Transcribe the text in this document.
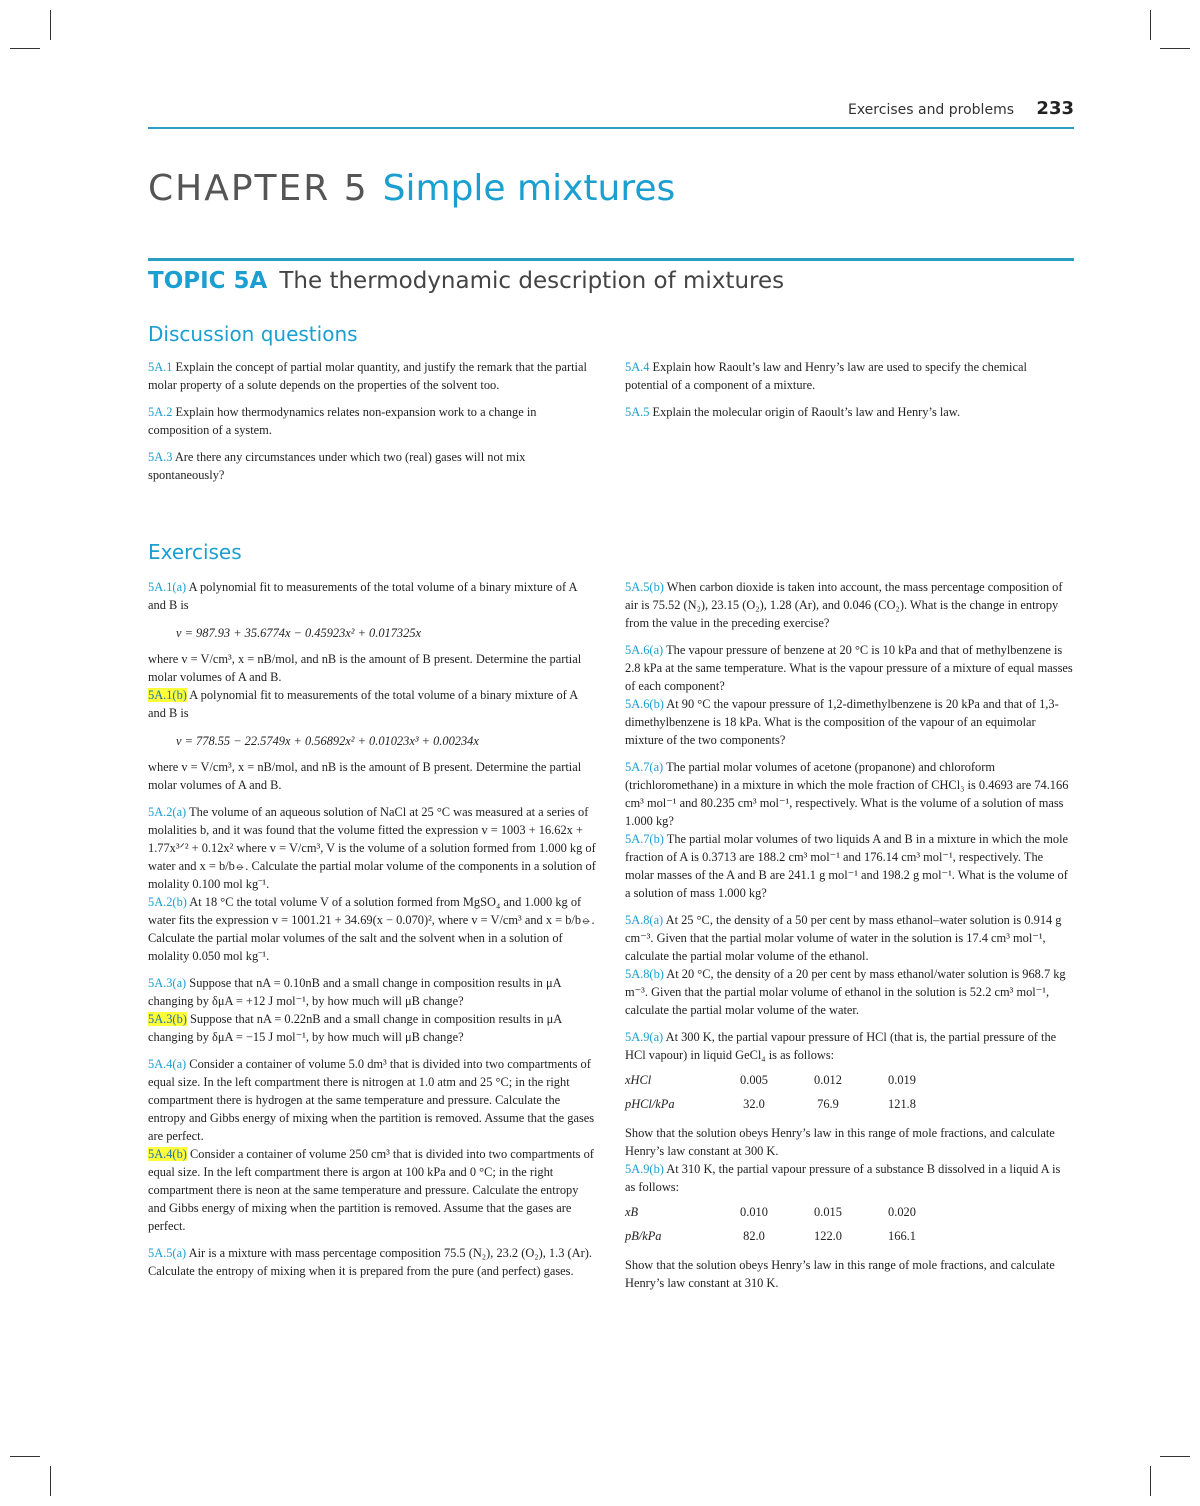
Exercises and problems 233
CHAPTER 5 Simple mixtures
TOPIC 5A The thermodynamic description of mixtures
Discussion questions

5A.1 Explain the concept of partial molar quantity, and justify the remark that the partial molar property of a solute depends on the properties of the solvent too.

5A.2 Explain how thermodynamics relates non-expansion work to a change in composition of a system.

5A.3 Are there any circumstances under which two (real) gases will not mix spontaneously?

5A.4 Explain how Raoult’s law and Henry’s law are used to specify the chemical potential of a component of a mixture.

5A.5 Explain the molecular origin of Raoult’s law and Henry’s law.

Exercises

5A.1(a) A polynomial fit to measurements of the total volume of a binary mixture of A and B is

v = 987.93 + 35.6774x − 0.45923x² + 0.017325x

where v = V/cm³, x = nB/mol, and nB is the amount of B present. Determine the partial molar volumes of A and B.

5A.1(b) A polynomial fit to measurements of the total volume of a binary mixture of A and B is

v = 778.55 − 22.5749x + 0.56892x² + 0.01023x³ + 0.00234x

where v = V/cm³, x = nB/mol, and nB is the amount of B present. Determine the partial molar volumes of A and B.

5A.2(a) The volume of an aqueous solution of NaCl at 25 °C was measured at a series of molalities b, and it was found that the volume fitted the expression v = 1003 + 16.62x + 1.77x³ᐟ² + 0.12x² where v = V/cm³, V is the volume of a solution formed from 1.000 kg of water and x = b/b⦵. Calculate the partial molar volume of the components in a solution of molality 0.100 mol kg⁻¹.

5A.2(b) At 18 °C the total volume V of a solution formed from MgSO₄ and 1.000 kg of water fits the expression v = 1001.21 + 34.69(x − 0.070)², where v = V/cm³ and x = b/b⦵. Calculate the partial molar volumes of the salt and the solvent when in a solution of molality 0.050 mol kg⁻¹.

5A.3(a) Suppose that nA = 0.10nB and a small change in composition results in μA changing by δμA = +12 J mol⁻¹, by how much will μB change?

5A.3(b) Suppose that nA = 0.22nB and a small change in composition results in μA changing by δμA = −15 J mol⁻¹, by how much will μB change?

5A.4(a) Consider a container of volume 5.0 dm³ that is divided into two compartments of equal size. In the left compartment there is nitrogen at 1.0 atm and 25 °C; in the right compartment there is hydrogen at the same temperature and pressure. Calculate the entropy and Gibbs energy of mixing when the partition is removed. Assume that the gases are perfect.

5A.4(b) Consider a container of volume 250 cm³ that is divided into two compartments of equal size. In the left compartment there is argon at 100 kPa and 0 °C; in the right compartment there is neon at the same temperature and pressure. Calculate the entropy and Gibbs energy of mixing when the partition is removed. Assume that the gases are perfect.

5A.5(a) Air is a mixture with mass percentage composition 75.5 (N₂), 23.2 (O₂), 1.3 (Ar). Calculate the entropy of mixing when it is prepared from the pure (and perfect) gases.

5A.5(b) When carbon dioxide is taken into account, the mass percentage composition of air is 75.52 (N₂), 23.15 (O₂), 1.28 (Ar), and 0.046 (CO₂). What is the change in entropy from the value in the preceding exercise?

5A.6(a) The vapour pressure of benzene at 20 °C is 10 kPa and that of methylbenzene is 2.8 kPa at the same temperature. What is the vapour pressure of a mixture of equal masses of each component?

5A.6(b) At 90 °C the vapour pressure of 1,2-dimethylbenzene is 20 kPa and that of 1,3-dimethylbenzene is 18 kPa. What is the composition of the vapour of an equimolar mixture of the two components?

5A.7(a) The partial molar volumes of acetone (propanone) and chloroform (trichloromethane) in a mixture in which the mole fraction of CHCl₃ is 0.4693 are 74.166 cm³ mol⁻¹ and 80.235 cm³ mol⁻¹, respectively. What is the volume of a solution of mass 1.000 kg?

5A.7(b) The partial molar volumes of two liquids A and B in a mixture in which the mole fraction of A is 0.3713 are 188.2 cm³ mol⁻¹ and 176.14 cm³ mol⁻¹, respectively. The molar masses of the A and B are 241.1 g mol⁻¹ and 198.2 g mol⁻¹. What is the volume of a solution of mass 1.000 kg?

5A.8(a) At 25 °C, the density of a 50 per cent by mass ethanol–water solution is 0.914 g cm⁻³. Given that the partial molar volume of water in the solution is 17.4 cm³ mol⁻¹, calculate the partial molar volume of the ethanol.

5A.8(b) At 20 °C, the density of a 20 per cent by mass ethanol/water solution is 968.7 kg m⁻³. Given that the partial molar volume of ethanol in the solution is 52.2 cm³ mol⁻¹, calculate the partial molar volume of the water.

5A.9(a) At 300 K, the partial vapour pressure of HCl (that is, the partial pressure of the HCl vapour) in liquid GeCl₄ is as follows:

xHCl	0.005	0.012	0.019
pHCl/kPa	32.0	76.9	121.8

Show that the solution obeys Henry’s law in this range of mole fractions, and calculate Henry’s law constant at 300 K.

5A.9(b) At 310 K, the partial vapour pressure of a substance B dissolved in a liquid A is as follows:

xB	0.010	0.015	0.020
pB/kPa	82.0	122.0	166.1

Show that the solution obeys Henry’s law in this range of mole fractions, and calculate Henry’s law constant at 310 K.
